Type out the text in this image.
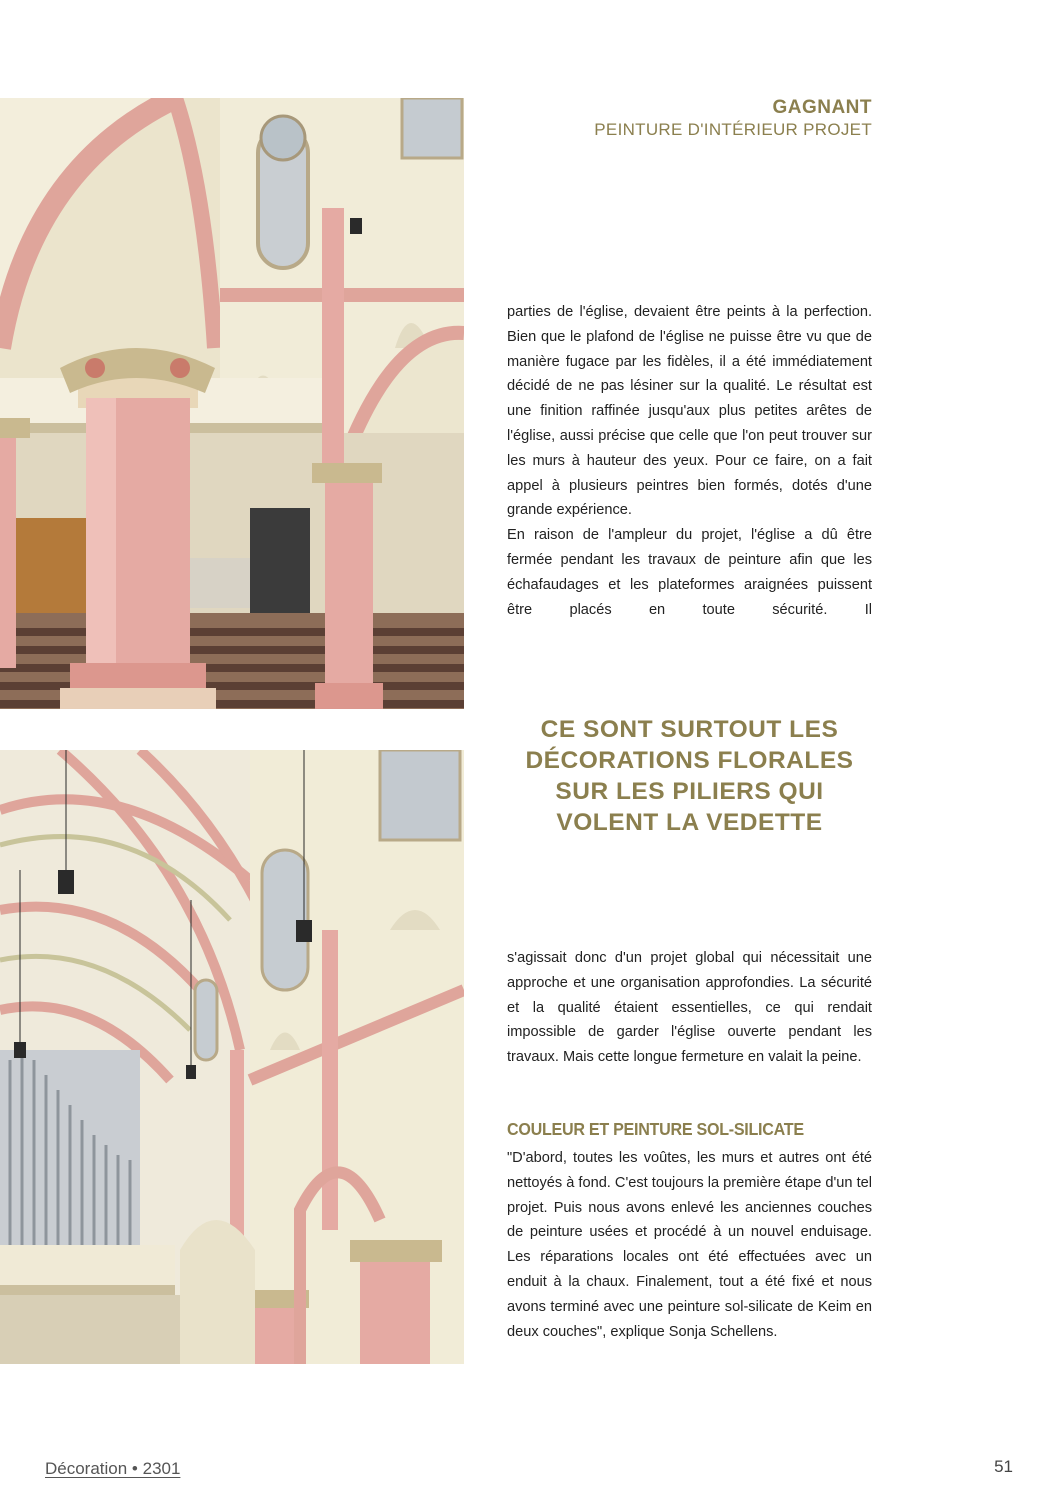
GAGNANT
PEINTURE D'INTÉRIEUR PROJET

parties de l'église, devaient être peints à la perfection. Bien que le plafond de l'église ne puisse être vu que de manière fugace par les fidèles, il a été immédiatement décidé de ne pas lésiner sur la qualité. Le résultat est une finition raffinée jusqu'aux plus petites arêtes de l'église, aussi précise que celle que l'on peut trouver sur les murs à hauteur des yeux. Pour ce faire, on a fait appel à plusieurs peintres bien formés, dotés d'une grande expérience.

En raison de l'ampleur du projet, l'église a dû être fermée pendant les travaux de peinture afin que les échafaudages et les plateformes araignées puissent être placés en toute sécurité. Il

CE SONT SURTOUT LES DÉCORATIONS FLORALES SUR LES PILIERS QUI VOLENT LA VEDETTE

s'agissait donc d'un projet global qui nécessitait une approche et une organisation approfondies. La sécurité et la qualité étaient essentielles, ce qui rendait impossible de garder l'église ouverte pendant les travaux. Mais cette longue fermeture en valait la peine.

COULEUR ET PEINTURE SOL-SILICATE

"D'abord, toutes les voûtes, les murs et autres ont été nettoyés à fond. C'est toujours la première étape d'un tel projet. Puis nous avons enlevé les anciennes couches de peinture usées et procédé à un nouvel enduisage. Les réparations locales ont été effectuées avec un enduit à la chaux. Finalement, tout a été fixé et nous avons terminé avec une peinture sol-silicate de Keim en deux couches", explique Sonja Schellens.

Décoration • 2301	51
